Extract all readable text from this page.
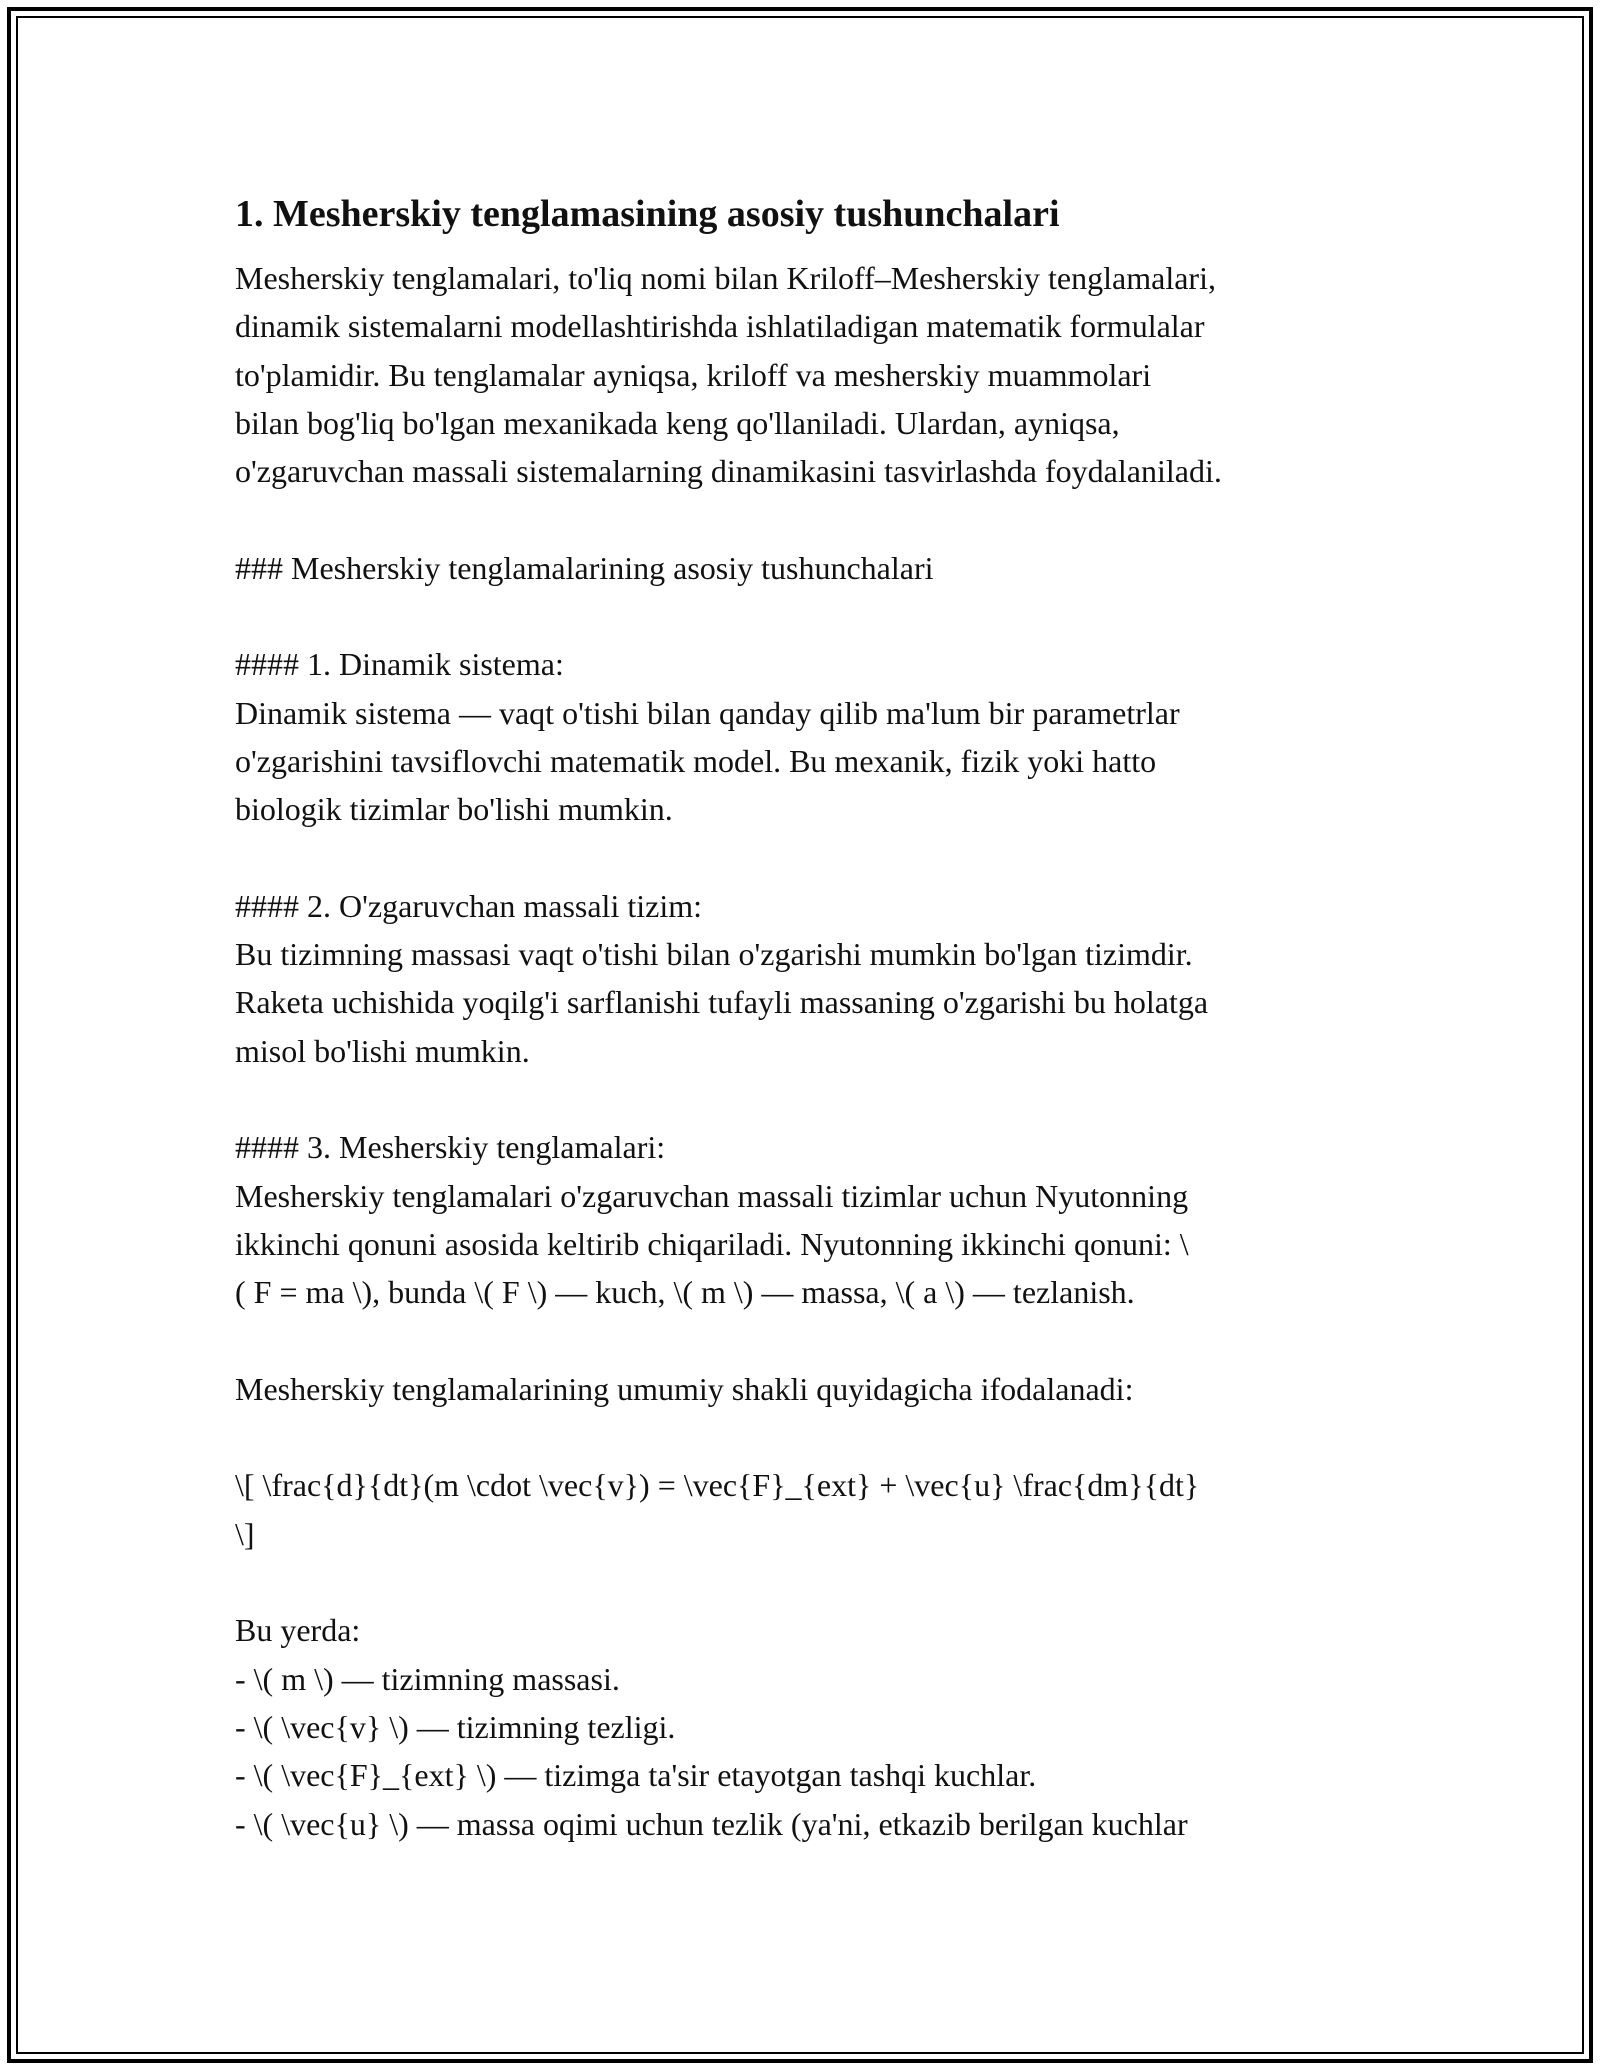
1. Mesherskiy tenglamasining asosiy tushunchalari
Mesherskiy tenglamalari, to'liq nomi bilan Kriloff–Mesherskiy tenglamalari,
dinamik sistemalarni modellashtirishda ishlatiladigan matematik formulalar
to'plamidir. Bu tenglamalar ayniqsa, kriloff va mesherskiy muammolari
bilan bog'liq bo'lgan mexanikada keng qo'llaniladi. Ulardan, ayniqsa,
o'zgaruvchan massali sistemalarning dinamikasini tasvirlashda foydalaniladi.

### Mesherskiy tenglamalarining asosiy tushunchalari

#### 1. Dinamik sistema:
Dinamik sistema — vaqt o'tishi bilan qanday qilib ma'lum bir parametrlar
o'zgarishini tavsiflovchi matematik model. Bu mexanik, fizik yoki hatto
biologik tizimlar bo'lishi mumkin.

#### 2. O'zgaruvchan massali tizim:
Bu tizimning massasi vaqt o'tishi bilan o'zgarishi mumkin bo'lgan tizimdir.
Raketa uchishida yoqilg'i sarflanishi tufayli massaning o'zgarishi bu holatga
misol bo'lishi mumkin.

#### 3. Mesherskiy tenglamalari:
Mesherskiy tenglamalari o'zgaruvchan massali tizimlar uchun Nyutonning
ikkinchi qonuni asosida keltirib chiqariladi. Nyutonning ikkinchi qonuni: \
( F = ma \), bunda \( F \) — kuch, \( m \) — massa, \( a \) — tezlanish.

Mesherskiy tenglamalarining umumiy shakli quyidagicha ifodalanadi:

\[ \frac{d}{dt}(m \cdot \vec{v}) = \vec{F}_{ext} + \vec{u} \frac{dm}{dt}
\]

Bu yerda:
- \( m \) — tizimning massasi.
- \( \vec{v} \) — tizimning tezligi.
- \( \vec{F}_{ext} \) — tizimga ta'sir etayotgan tashqi kuchlar.
- \( \vec{u} \) — massa oqimi uchun tezlik (ya'ni, etkazib berilgan kuchlar
